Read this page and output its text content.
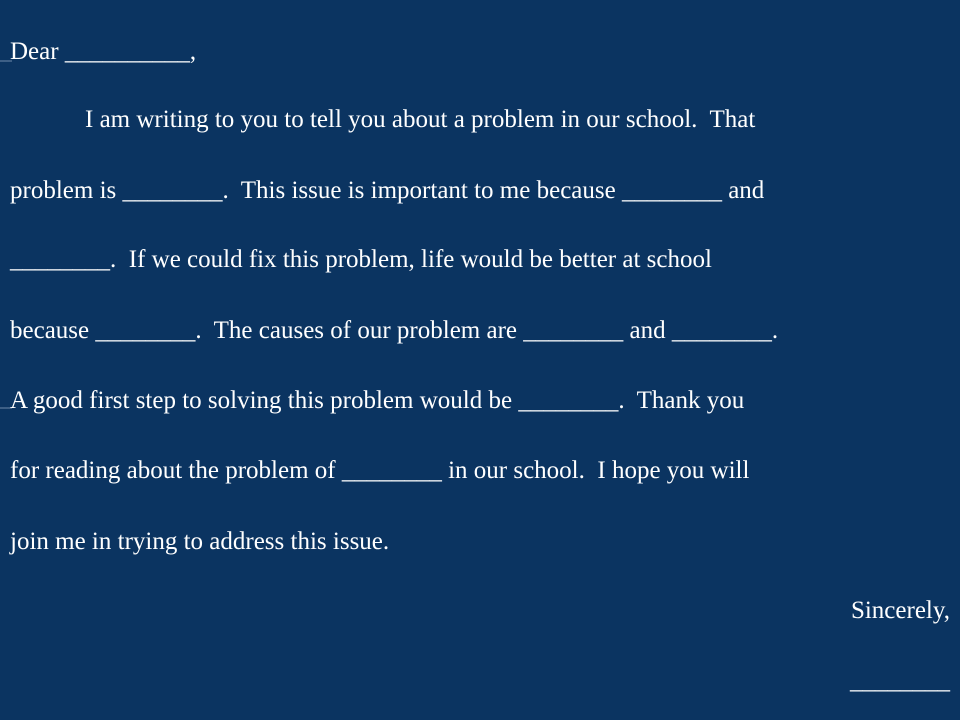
Dear __________,
I am writing to you to tell you about a problem in our school.  That
problem is ________.  This issue is important to me because ________ and
________.  If we could fix this problem, life would be better at school
because ________.  The causes of our problem are ________ and ________.
A good first step to solving this problem would be ________.  Thank you
for reading about the problem of ________ in our school.  I hope you will
join me in trying to address this issue.
Sincerely,
________
